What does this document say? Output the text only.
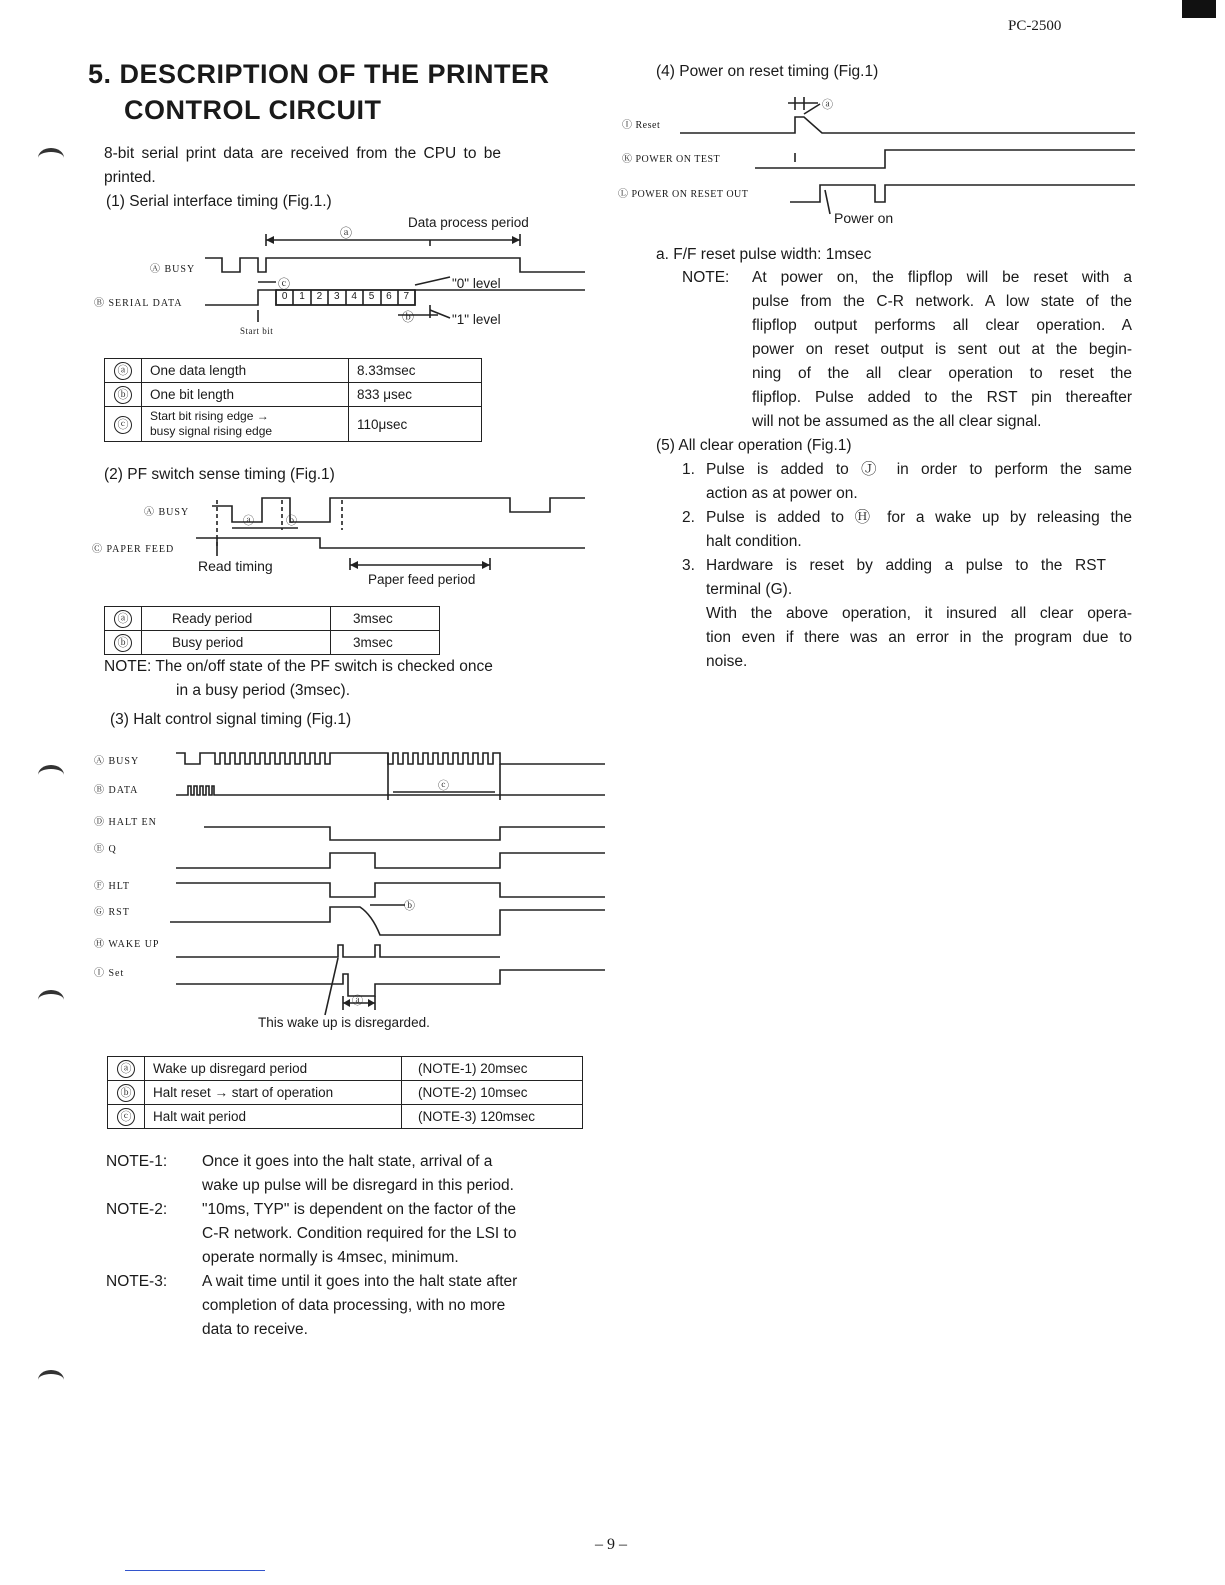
PC-2500
5. DESCRIPTION OF THE PRINTER
CONTROL CIRCUIT
8-bit serial print data are received from the CPU to be
printed.
(1) Serial interface timing (Fig.1.)
Ⓐ BUSY
Ⓑ SERIAL DATA
ⓐ
Data process period
ⓒ	"0" level
ⓑ	"1" level
Start bit
0	1	2	3	4	5	6	7
ⓐ	One data length	8.33msec
ⓑ	One bit length	833 μsec
ⓒ	Start bit rising edge →
busy signal rising edge	110μsec
(2) PF switch sense timing (Fig.1)
Ⓐ BUSY
Ⓒ PAPER FEED
ⓐ	ⓑ
Read timing
Paper feed period
ⓐ	Ready period	3msec
ⓑ	Busy period	3msec
NOTE: The on/off state of the PF switch is checked once
in a busy period (3msec).
(3) Halt control signal timing (Fig.1)
Ⓐ BUSY
Ⓑ DATA
Ⓓ HALT EN
Ⓔ Q
Ⓕ HLT
Ⓖ RST
Ⓗ WAKE UP
Ⓘ Set
ⓒ
ⓑ
ⓐ
This wake up is disregarded.
ⓐ	Wake up disregard period	(NOTE-1) 20msec
ⓑ	Halt reset → start of operation	(NOTE-2) 10msec
ⓒ	Halt wait period	(NOTE-3) 120msec
NOTE-1: Once it goes into the halt state, arrival of a
wake up pulse will be disregard in this period.
NOTE-2: "10ms, TYP" is dependent on the factor of the
C-R network. Condition required for the LSI to
operate normally is 4msec, minimum.
NOTE-3: A wait time until it goes into the halt state after
completion of data processing, with no more
data to receive.
(4) Power on reset timing (Fig.1)
Ⓘ Reset
Ⓚ POWER ON TEST
Ⓛ POWER ON RESET OUT
ⓐ
Power on
a. F/F reset pulse width: 1msec
NOTE: At power on, the flipflop will be reset with a
pulse from the C-R network. A low state of the
flipflop output performs all clear operation. A
power on reset output is sent out at the begin-
ning of the all clear operation to reset the
flipflop. Pulse added to the RST pin thereafter
will not be assumed as the all clear signal.
(5) All clear operation (Fig.1)
1. Pulse is added to Ⓙ in order to perform the same
action as at power on.
2. Pulse is added to Ⓗ for a wake up by releasing the
halt condition.
3. Hardware is reset by adding a pulse to the RST
terminal (G).
With the above operation, it insured all clear opera-
tion even if there was an error in the program due to
noise.
– 9 –
